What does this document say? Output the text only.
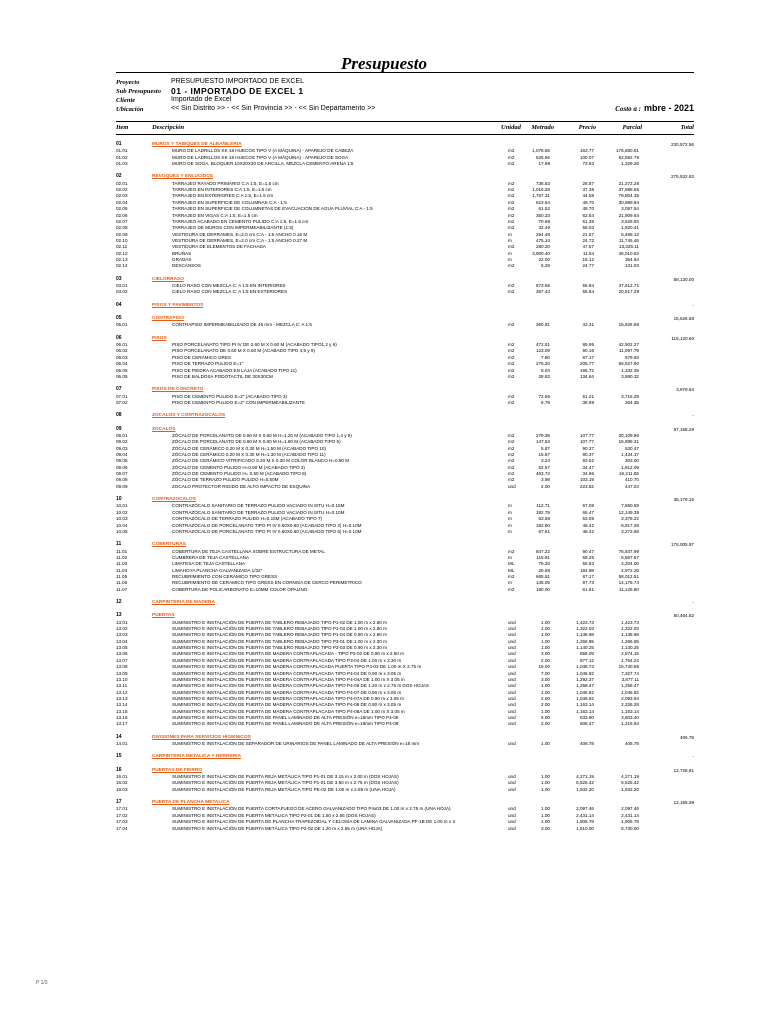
Presupuesto
Proyecto	PRESUPUESTO IMPORTADO DE EXCEL
Sub Presupuesto 01 - IMPORTADO DE EXCEL 1
Cliente	Importado de Excel
Ubicación	<< Sin Distrito >> - << Sin Provincia >> - << Sin Departamento >>	Costo a : mbre - 2021
Item	Descripción	Unidad Metrado	Precio	Parcial	Total
01	MUROS Y TABIQUES DE ALBAÑILERIA	230,572.56
01.01	MURO DE LADRILLOS KK 18 HUECOS TIPO V (A MÁQUINA) - APAREJO DE CABEZA	m2	1,078.65	163.77	176,650.51
01.02	MURO DE LADRILLOS KK 18 HUECOS TIPO V (A MÁQUINA) - APAREJO DE SOGA	m2	525.56	100.07	52,592.79
01.03	MURO DE SOGA, BLOQUER 10X20X30 DE ARCILLA, MEZCLA CEMENTO:ARENA 1:5	m2	17.98	73.93	1,329.26
02	REVOQUES Y ENLUCIDOS	275,532.63
02.01	TARRAJEO RAYADO PRIMARIO C:A 1:5, E=1.5 cm	m2	736.83	28.87	21,272.28
02.02	TARRAJEO EN INTERIORES C:A 1:5, E=1.5 cm	m2	1,016.28	37.38	37,988.55
02.03	TARRAJEO EN EXTERIORES C:A 1:5, E=1.5 cm	m2	1,767.31	44.59	78,804.35
02.04	TARRAJEO EN SUPERFICIE DE COLUMNAS C:A - 1:5	m2	623.54	49.70	30,989.94
02.05	TARRAJEO EN SUPERFICIE DE COLUMNETAS DE EVACUACION DE AGUA PLUVIAL C:A - 1:5	m2	61.52	49.70	3,057.54
02.06	TARRAJEO EN VIGAS C:A 1:5, E=1.5 cm	m2	350.33	62.54	21,909.64
02.07	TARRAJEO ACABADO EN CEMENTO PULIDO C:A 1:5, E=1.5 cm	m2	70.69	51.35	3,629.93
02.08	TARRAJEO DE MUROS CON IMPERMEABILIZANTE (1:5)	m2	32.49	56.03	1,820.41
02.09	VESTIDURA DE DERRAMES, E=2.0 cm C:A - 1:5 ANCHO 0.16 M	m	254.48	21.57	5,489.13
02.10	VESTIDURA DE DERRAMES, E=2.0 cm C:A - 1:5 ANCHO 0.27 M	m	475.14	24.72	11,745.46
02.11	VESTIDURA DE ELEMENTOS DE FACHADA	m2	280.20	47.57	13,329.11
02.12	BRUÑAS	m	3,900.40	11.54	45,010.62
02.13	GRADAS	m	22.00	16.12	354.64
02.14	DESCANSOS	m2	5.29	24.77	131.03
03	CIELORRASO	58,130.00
03.01	CIELO RASO CON MEZCLA C: A 1:5 EN INTERIORES	m2	673.58	55.84	37,612.71
03.02	CIELO RASO CON MEZCLA C: A 1:5 EN EXTERIORES	m2	367.43	55.84	20,517.29
04	PISOS Y PAVIMENTOS	-
05	CONTRAPISO	15,626.68
05.01	CONTRAPISO IMPERMEABILIZADO DE 45 mm - MEZCLA C: A 1:5	m2	360.81	43.31	15,626.68
06	PISOS	116,120.60
06.01	PISO PORCELANATO TIPO PI IV DE 0.60 M X 0.60 M (ACABADO TIPO1,2 y 6)	m2	472.51	89.95	42,502.27
06.02	PISO PORCELANATO DE 0.60 M X 0.60 M (ACABADO TIPO 4,5 y 9)	m2	123.09	90.16	11,097.79
06.03	PISO DE CERÁMICO GRES	m2	7.80	87.17	679.93
06.04	PISO DE TERRAZO PULIDO E=1"	m2	275.20	205.77	56,627.90
06.05	PISO DE PIEDRA ACABADO EN LAJA (ACABADO TIPO 11)	m2	8.04	165.72	1,332.39
06.06	PISO DE BALDOSA PODOTACTIL DE 30X30CM	m2	28.82	134.64	3,880.32
07	PISOS DE CONCRETO	3,979.64
07.01	PISO DE CEMENTO PULIDO E=2" (ACABADO TIPO 3)	m2	72.55	51.21	3,715.29
07.02	PISO DE CEMENTO PULIDO E=2" CON IMPERMEABILIZANTE	m2	6.78	38.99	264.35
08	ZOCALOS Y CONTRAZOCALOS	-
09	ZOCALOS	67,158.29
09.01	ZÓCALO DE PORCELANATO DE 0.60 M X 0.60 M H=1.20 M (ACABADO TIPO 1,4 y 9)	m2	279.39	107.77	30,109.86
09.02	ZÓCALO DE PORCELANATO DE 0.60 M X 0.60 M H=1.80 M (ACABADO TIPO 5)	m2	147.53	107.77	15,899.31
09.03	ZÓCALO DE CERÁMICO 0.20 M X 0.30 M H=1.50 M (ACABADO TIPO 10)	m2	5.87	90.37	530.47
09.04	ZÓCALO DE CERÁMICO 0.20 M X 0.30 M H=1.30 M (ACABADO TIPO 11)	m2	15.87	90.37	1,434.17
09.05	ZÓCALO DE CERÁMICO VITRIFICADO 0.20 M X 0.30 M COLOR BLANCO H=0.90 M	m2	3.24	93.52	303.00
09.06	ZÓCALO DE CEMENTO PULIDO H=0.60 M (ACABADO TIPO 3)	m2	52.57	34.47	1,812.09
09.07	ZÓCALO DE CEMENTO PULIDO H= 0.50 M (ACABADO TIPO 8)	m2	463.72	34.96	16,211.65
09.08	ZÓCALO DE TERRAZO PULIDO PULIDO H=0.50M	m2	3.98	103.19	410.70
09.09	ZOCALO PROTECTOR RIGIDO DE ALTO IMPACTO DE ESQUINA	und	2.00	223.52	447.04
10	CONTRAZOCALOS	35,179.16
10.01	CONTRAZÓCALO SANITARIO DE TERRAZO PULIDO VACIADO IN SITU H=0.15M	m	112.71	67.08	7,560.59
10.02	CONTRAZÓCALO SANITARIO DE TERRAZO PULIDO VACIADO IN SITU H=0.10M	m	182.78	66.47	12,149.39
10.03	CONTRAZÓCALO DE TERRAZO PULIDO H=0.15M (ACABADO TIPO 7)	m	63.68	53.05	3,378.22
10.04	CONTRAZÓCALO DE PORCELANATO TIPO PI IV 0.60X0.60 (ACABADO TIPO 2) H=0.10M	m	182.60	48.42	8,817.28
10.05	CONTRAZÓCALO DE PORCELANATO TIPO PI IV 0.60X0.60 (ACABADO TIPO 6) H=0.10M	m	67.61	48.42	3,273.68
11	COBERTURAS	176,005.97
11.01	COBERTURA DE TEJA CASTELLANA SOBRE ESTRUCTURA DE METAL	m2	847.22	90.47	76,647.99
11.02	CUMBRERA DE TEJA CASTELLANA	m	115.91	59.25	6,867.67
11.03	LIMATESA DE TEJA CASTELLANA	ML	75.30	55.83	4,204.00
11.04	LIMAHOYA PLANCHA GALVANIZADA 1/32"	ML	26.88	184.98	4,972.26
11.05	RECUBRIMIENTO CON CERÁMICO TIPO GRESS	m2	665.51	87.17	58,012.51
11.06	RECUBRIMIENTO DE CERAMICO TIPO GRESS EN CORNISA DE CERCO PERIMETRICO	m	145.05	97.73	14,175.74
11.07	COBERTURA DE POLICARBONATO E=10MM COLOR OPALINO.	m2	180.00	61.81	11,125.80
12	CARPINTERIA DE MADERA	-
13	PUERTAS	50,464.82
13.01	SUMINISTRO E INSTALACIÓN DE PUERTA DE TABLERO REBAJADO TIPO P1-02 DE 1.00 m x 2.80 m	und	1.00	1,423.73	1,423.73
13.02	SUMINISTRO E INSTALACIÓN DE PUERTA DE TABLERO REBAJADO TIPO P1-03 DE 1.00 m x 2.80 m	und	1.00	1,322.03	1,322.03
13.03	SUMINISTRO E INSTALACIÓN DE PUERTA DE TABLERO REBAJADO TIPO P1-04 DE 0.80 m x 2.80 m	und	1.00	1,138.98	1,138.98
13.04	SUMINISTRO E INSTALACIÓN DE PUERTA DE TABLERO REBAJADO TIPO P3-01 DE 1.00 m x 2.30 m	und	1.00	1,266.95	1,266.95
13.05	SUMINISTRO E INSTALACIÓN DE PUERTA DE TABLERO REBAJADO TIPO P3-03 DE 0.90 m x 2.30 m	und	1.00	1,140.25	1,140.25
13.06	SUMINISTRO E INSTALACIÓN DE PUERTA DE MADERA CONTRAPLACADA - TIPO P3-02 DE 0.90 m x 2.50 m	und	3.00	858.05	2,574.15
13.07	SUMINISTRO E INSTALACIÓN DE PUERTA DE MADERA CONTRAPLACADA TIPO P3-04 DE 1.00 m x 2.30 m	und	2.00	877.12	1,754.24
13.08	SUMINISTRO E INSTALACIÓN DE PUERTA DE MADERA CONTRAPLACADA PUERTA TIPO P4-03 DE 1.00 m X 2.75 m	und	15.00	1,048.73	15,730.95
13.09	SUMINISTRO E INSTALACIÓN DE PUERTA DE MADERA CONTRAPLACADA TIPO P4-04 DE 0.90 m x 3.05 m	und	7.00	1,046.82	7,327.74
13.10	SUMINISTRO E INSTALACIÓN DE PUERTA DE MADERA CONTRAPLACADA TIPO P4-04A DE 1.00 m X 3.05 m	und	3.00	1,292.37	3,877.11
13.11	SUMINISTRO E INSTALACIÓN DE PUERTA DE MADERA CONTRAPLACADA TIPO P4-05 DE 1.20 m x 2.75 m DOS HOJAS	und	1.00	1,258.47	1,258.47
13.12	SUMINISTRO E INSTALACIÓN DE PUERTA DE MADERA CONTRAPLACADA TIPO P4-07 DE 0.90 m x 3.05 m	und	1.00	1,046.82	1,046.82
13.13	SUMINISTRO E INSTALACIÓN DE PUERTA DE MADERA CONTRAPLACADA TIPO P4-07A DE 0.90 m x 3.05 m	und	2.00	1,046.82	2,093.64
13.14	SUMINISTRO E INSTALACIÓN DE PUERTA DE MADERA CONTRAPLACADA TIPO P4-08 DE 0.90 m x 3.05 m	und	2.00	1,163.14	2,326.28
13.15	SUMINISTRO E INSTALACIÓN DE PUERTA DE MADERA CONTRAPLACADA TIPO P4-08A DE 1.00 m X 3.05 m	und	1.00	1,163.14	1,163.14
13.16	SUMINISTRO E INSTALACIÓN DE PUERTA DE PANEL LAMINADO DE ALTA PRESIÓN e=18mm TIPO P4-06	und	6.00	633.90	3,803.40
13.17	SUMINISTRO E INSTALACIÓN DE PUERTA DE PANEL LAMINADO DE ALTA PRESIÓN e=18mm TIPO P4-06'	und	2.00	608.47	1,216.94
14	DIVISIONES PARA SERVICIOS HIGIENICOS	406.78
14.01	SUMINISTRO E INSTALACIÓN DE SEPARADOR DE URINARIOS DE PANEL LAMINADO DE ALTA PRESIÓN e=18 mm	und	1.00	406.78	406.78
15	CARPINTERIA METALICA Y HERRERIA	-
16	PUERTAS DE FIERRO	12,728.81
16.01	SUMINISTRO E INSTALACIÓN DE PUERTA REJA METÁLICA TIPO P1-01 DE 3.15 m x 2.00 m (DOS HOJAS)	und	1.00	4,271.19	4,271.19
16.02	SUMINISTRO E INSTALACIÓN DE PUERTA REJA METÁLICA TIPO P1-01 DE 3.50 m x 2.75 m (DOS HOJAS)	und	1.00	6,525.42	6,525.42
16.03	SUMINISTRO E INSTALACIÓN DE PUERTA REJA METÁLICA TIPO PE-02 DE 1.00 m x 2.85 m (UNA HOJA)	und	1.00	1,932.20	1,932.20
17	PUERTA DE PLANCHA METALICA	12,165.38
17.01	SUMINISTRO E INSTALACIÓN DE PUERTA CORTAFUEGO DE ACERO GALVANIZADO TIPO P4x03 DE 1.00 m x 2.75 m (UNA HOJA)	und	1.00	2,097.46	2,097.46
17.02	SUMINISTRO E INSTALACIÓN DE PUERTA METÁLICA TIPO P2-01 DE 1.50 x 2.55 (DOS HOJAS)	und	1.00	2,431.14	2,431.14
17.03	SUMINISTRO E INSTALACIÓN DE PUERTA DE PLANCHA TRAPEZOIDAL Y CELOSÍA DE LAMINA GALVANIZADA PF-1B DE 1.00 m x 3	und	1.00	1,906.78	1,906.78
17.04	SUMINISTRO E INSTALACIÓN DE PUERTA METÁLICA TIPO P2-02 DE 1.20 m x 2.55 m (UNA HOJA)	und	3.00	1,910.00	5,730.00
P 1/3
